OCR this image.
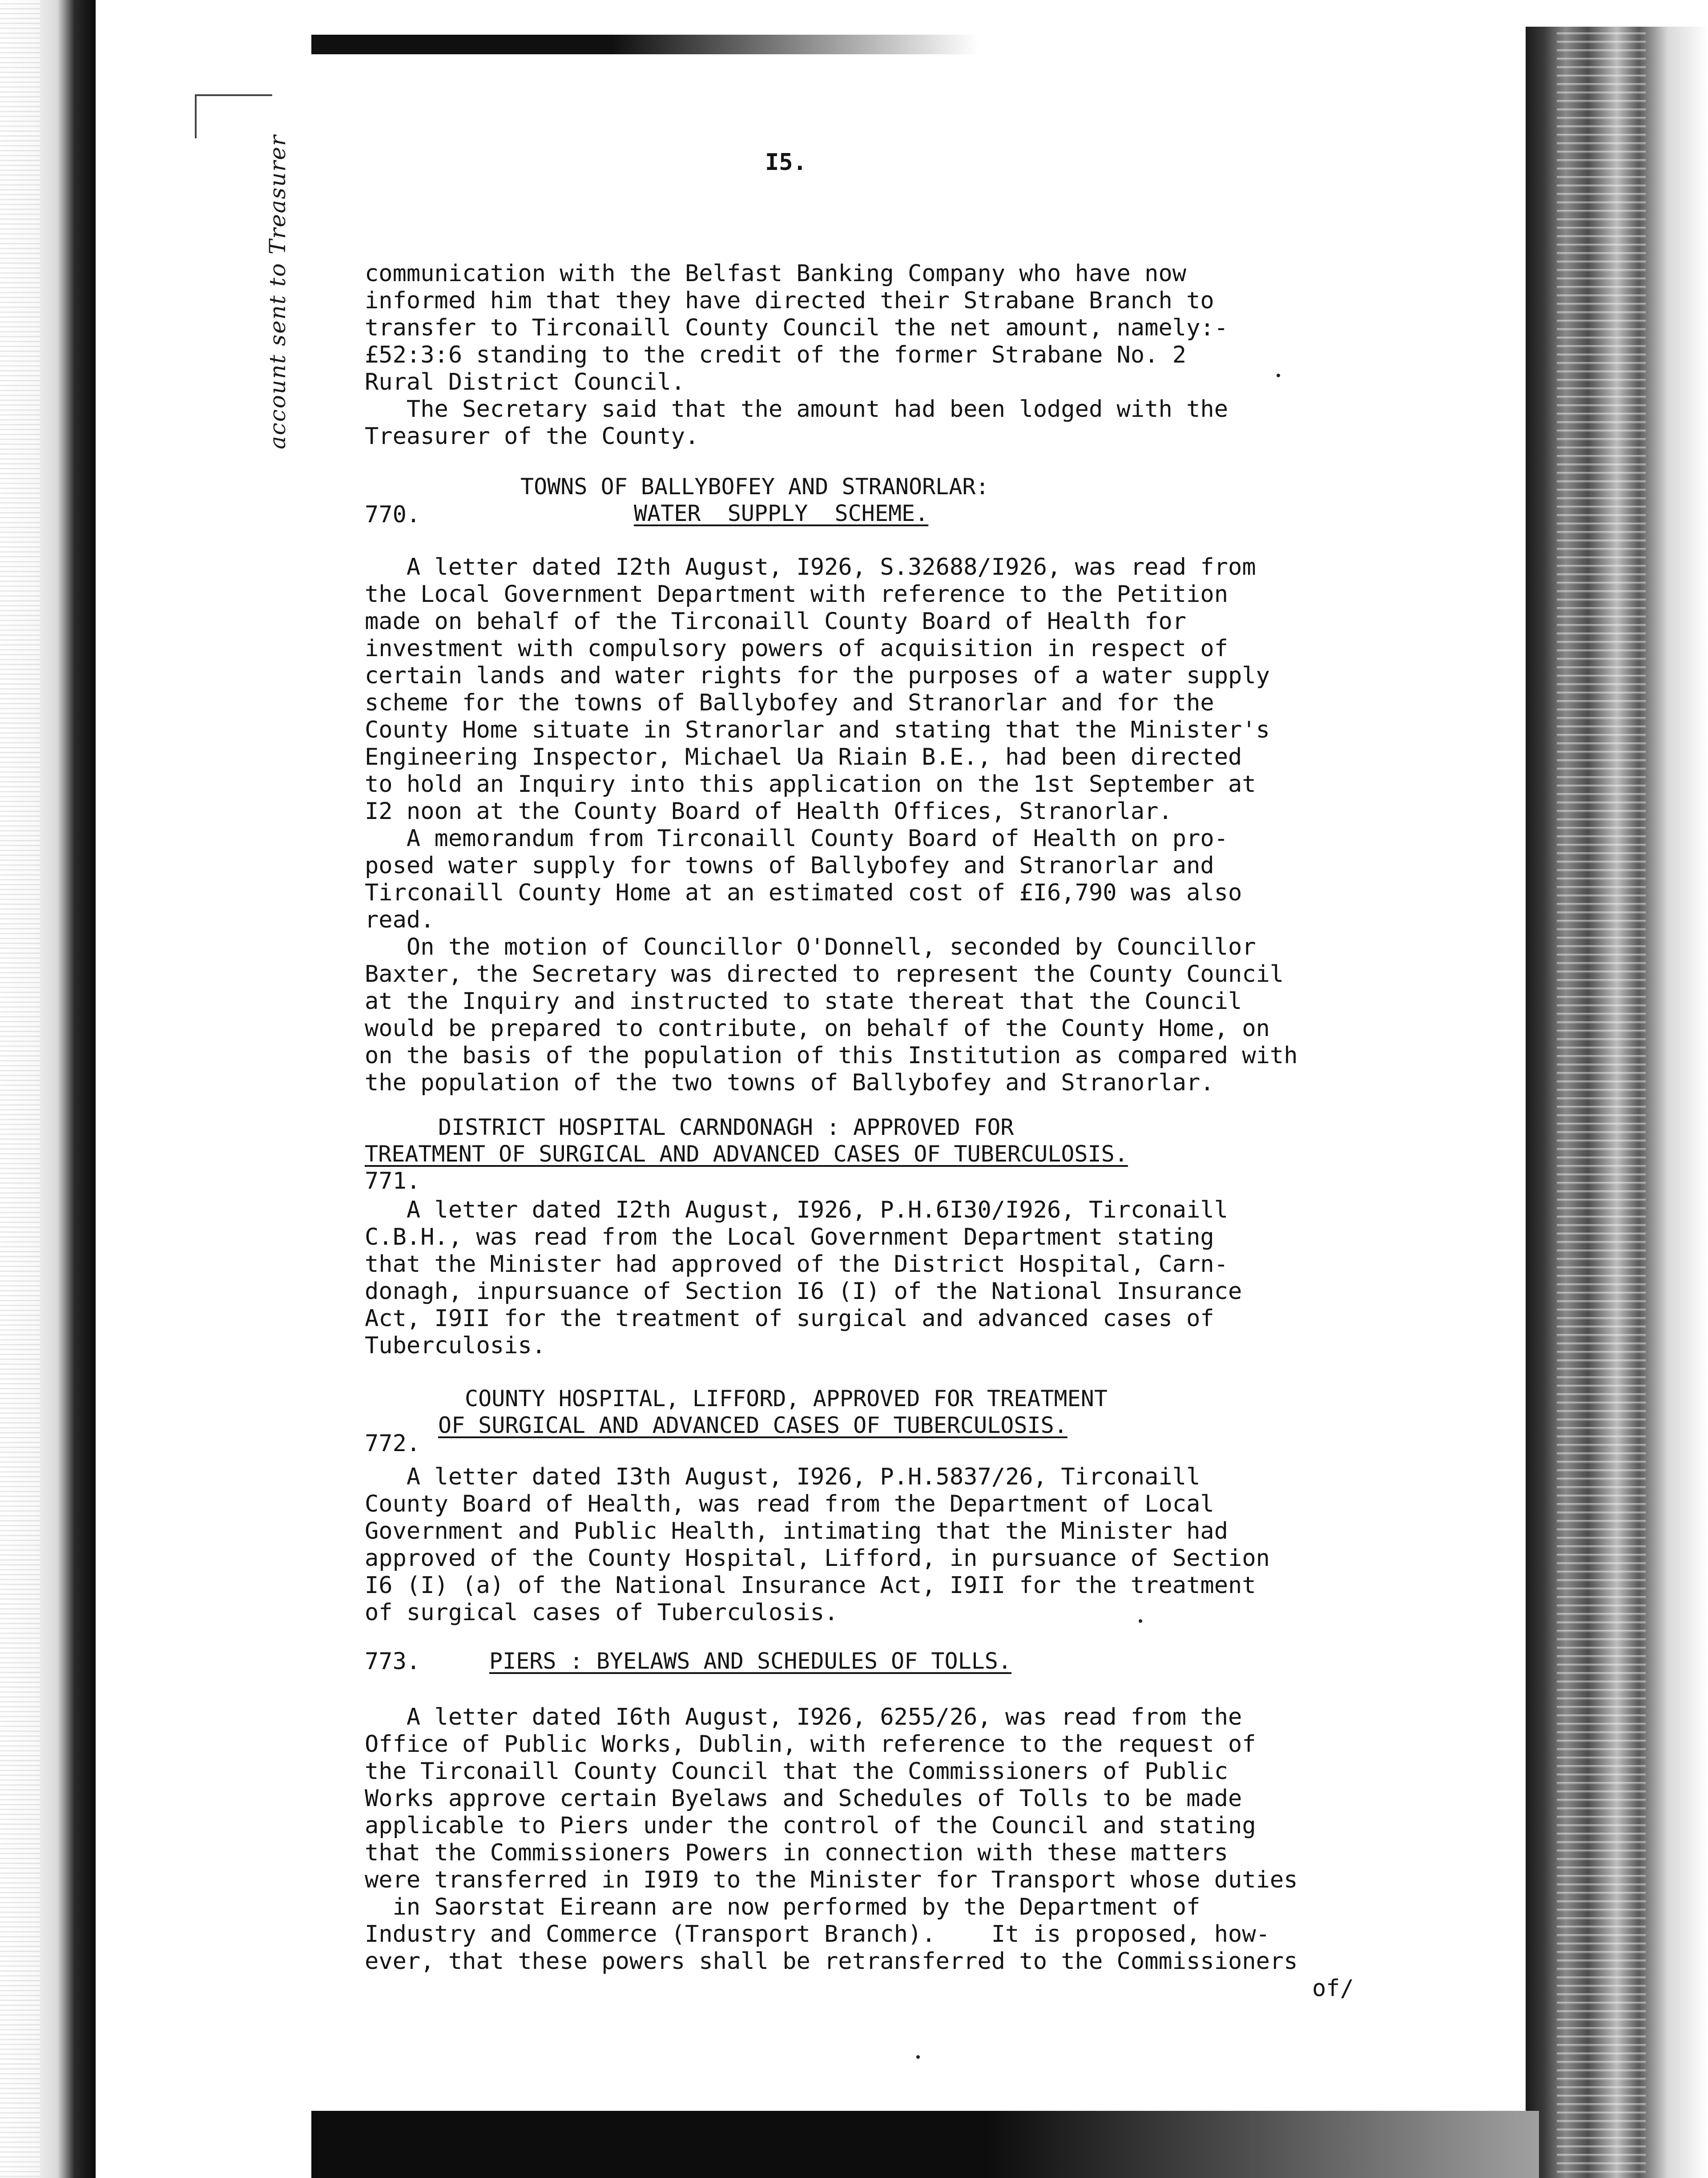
I5.
account sent to Treasurer	communication with the Belfast Banking Company who have now
informed him that they have directed their Strabane Branch to
transfer to Tirconaill County Council the net amount, namely:-
£52:3:6 standing to the credit of the former Strabane No. 2
Rural District Council.
The Secretary said that the amount had been lodged with the
Treasurer of the County.
TOWNS OF BALLYBOFEY AND STRANORLAR:
770.	WATER  SUPPLY  SCHEME.
A letter dated I2th August, I926, S.32688/I926, was read from
the Local Government Department with reference to the Petition
made on behalf of the Tirconaill County Board of Health for
investment with compulsory powers of acquisition in respect of
certain lands and water rights for the purposes of a water supply
scheme for the towns of Ballybofey and Stranorlar and for the
County Home situate in Stranorlar and stating that the Minister's
Engineering Inspector, Michael Ua Riain B.E., had been directed
to hold an Inquiry into this application on the 1st September at
I2 noon at the County Board of Health Offices, Stranorlar.
A memorandum from Tirconaill County Board of Health on pro-
posed water supply for towns of Ballybofey and Stranorlar and
Tirconaill County Home at an estimated cost of £I6,790 was also
read.
On the motion of Councillor O'Donnell, seconded by Councillor
Baxter, the Secretary was directed to represent the County Council
at the Inquiry and instructed to state thereat that the Council
would be prepared to contribute, on behalf of the County Home, on
on the basis of the population of this Institution as compared with
the population of the two towns of Ballybofey and Stranorlar.
DISTRICT HOSPITAL CARNDONAGH : APPROVED FOR
TREATMENT OF SURGICAL AND ADVANCED CASES OF TUBERCULOSIS.
771.
A letter dated I2th August, I926, P.H.6I30/I926, Tirconaill
C.B.H., was read from the Local Government Department stating
that the Minister had approved of the District Hospital, Carn-
donagh, inpursuance of Section I6 (I) of the National Insurance
Act, I9II for the treatment of surgical and advanced cases of
Tuberculosis.
COUNTY HOSPITAL, LIFFORD, APPROVED FOR TREATMENT
OF SURGICAL AND ADVANCED CASES OF TUBERCULOSIS.
772.
A letter dated I3th August, I926, P.H.5837/26, Tirconaill
County Board of Health, was read from the Department of Local
Government and Public Health, intimating that the Minister had
approved of the County Hospital, Lifford, in pursuance of Section
I6 (I) (a) of the National Insurance Act, I9II for the treatment
of surgical cases of Tuberculosis.
773.	PIERS : BYELAWS AND SCHEDULES OF TOLLS.
A letter dated I6th August, I926, 6255/26, was read from the
Office of Public Works, Dublin, with reference to the request of
the Tirconaill County Council that the Commissioners of Public
Works approve certain Byelaws and Schedules of Tolls to be made
applicable to Piers under the control of the Council and stating
that the Commissioners Powers in connection with these matters
were transferred in I9I9 to the Minister for Transport whose duties
in Saorstat Eireann are now performed by the Department of
Industry and Commerce (Transport Branch).    It is proposed, how-
ever, that these powers shall be retransferred to the Commissioners
of/
